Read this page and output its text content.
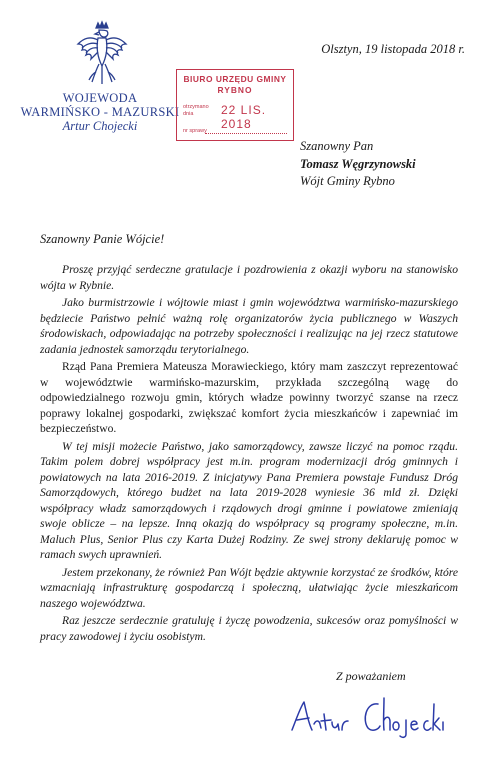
WOJEWODA
WARMIŃSKO - MAZURSKI
Artur Chojecki
Olsztyn, 19 listopada 2018 r.
BIURO URZĘDU GMINY
RYBNO
otrzymano dnia	22 LIS. 2018
nr sprawy
Szanowny Pan
Tomasz Węgrzynowski
Wójt Gminy Rybno
Szanowny Panie Wójcie!

Proszę przyjąć serdeczne gratulacje i pozdrowienia z okazji wyboru na stanowisko wójta w Rybnie.

Jako burmistrzowie i wójtowie miast i gmin województwa warmińsko-mazurskiego będziecie Państwo pełnić ważną rolę organizatorów życia publicznego w Waszych środowiskach, odpowiadając na potrzeby społeczności i realizując na jej rzecz statutowe zadania jednostek samorządu terytorialnego.

Rząd Pana Premiera Mateusza Morawieckiego, który mam zaszczyt reprezentować w województwie warmińsko-mazurskim, przykłada szczególną wagę do odpowiedzialnego rozwoju gmin, których władze powinny tworzyć szanse na rzecz poprawy lokalnej gospodarki, zwiększać komfort życia mieszkańców i zapewniać im bezpieczeństwo.

W tej misji możecie Państwo, jako samorządowcy, zawsze liczyć na pomoc rządu. Takim polem dobrej współpracy jest m.in. program modernizacji dróg gminnych i powiatowych na lata 2016-2019. Z inicjatywy Pana Premiera powstaje Fundusz Dróg Samorządowych, którego budżet na lata 2019-2028 wyniesie 36 mld zł. Dzięki współpracy władz samorządowych i rządowych drogi gminne i powiatowe zmieniają swoje oblicze – na lepsze. Inną okazją do współpracy są programy społeczne, m.in. Maluch Plus, Senior Plus czy Karta Dużej Rodziny. Ze swej strony deklaruję pomoc w ramach swych uprawnień.

Jestem przekonany, że również Pan Wójt będzie aktywnie korzystać ze środków, które wzmacniają infrastrukturę gospodarczą i społeczną, ułatwiając życie mieszkańcom naszego województwa.

Raz jeszcze serdecznie gratuluję i życzę powodzenia, sukcesów oraz pomyślności w pracy zawodowej i życiu osobistym.

Z poważaniem
